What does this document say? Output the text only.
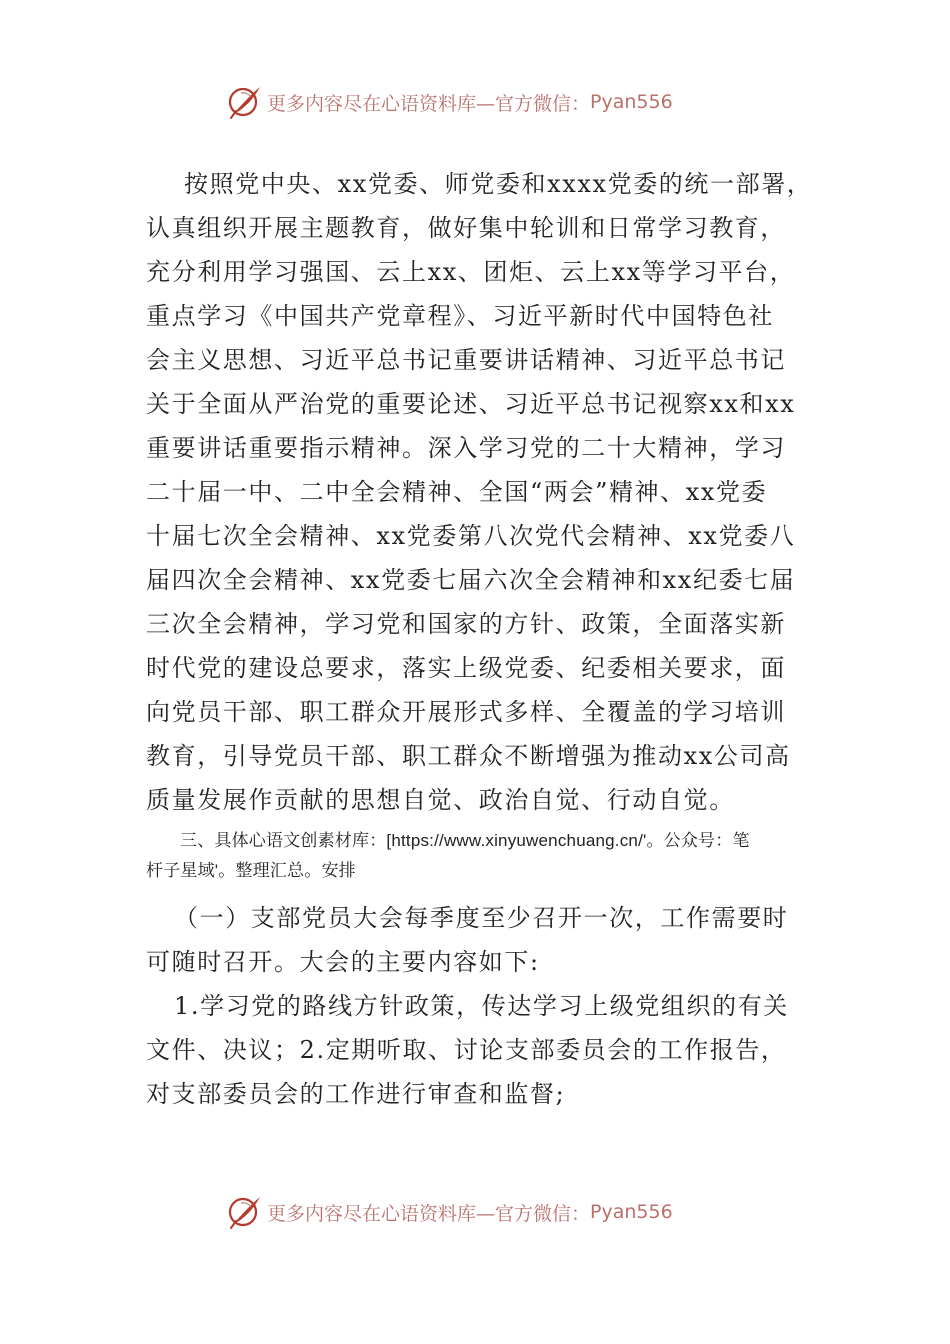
更多内容尽在心语资料库—官方微信： Pyan556
按照党中央、xx党委、师党委和xxxx党委的统一部署，
认真组织开展主题教育，做好集中轮训和日常学习教育，
充分利用学习强国、云上xx、团炬、云上xx等学习平台，
重点学习《中国共产党章程》、习近平新时代中国特色社
会主义思想、习近平总书记重要讲话精神、习近平总书记
关于全面从严治党的重要论述、习近平总书记视察xx和xx
重要讲话重要指示精神。深入学习党的二十大精神，学习
二十届一中、二中全会精神、全国“两会”精神、xx党委
十届七次全会精神、xx党委第八次党代会精神、xx党委八
届四次全会精神、xx党委七届六次全会精神和xx纪委七届
三次全会精神，学习党和国家的方针、政策，全面落实新
时代党的建设总要求，落实上级党委、纪委相关要求，面
向党员干部、职工群众开展形式多样、全覆盖的学习培训
教育，引导党员干部、职工群众不断增强为推动xx公司高
质量发展作贡献的思想自觉、政治自觉、行动自觉。
三、具体心语文创素材库：[https://www.xinyuwenchuang.cn/'。公众号：笔
杆子星域'。整理汇总。安排
（一）支部党员大会每季度至少召开一次，工作需要时
可随时召开。大会的主要内容如下:
1.学习党的路线方针政策，传达学习上级党组织的有关
文件、决议；2.定期听取、讨论支部委员会的工作报告，
对支部委员会的工作进行审查和监督;
更多内容尽在心语资料库—官方微信： Pyan556
